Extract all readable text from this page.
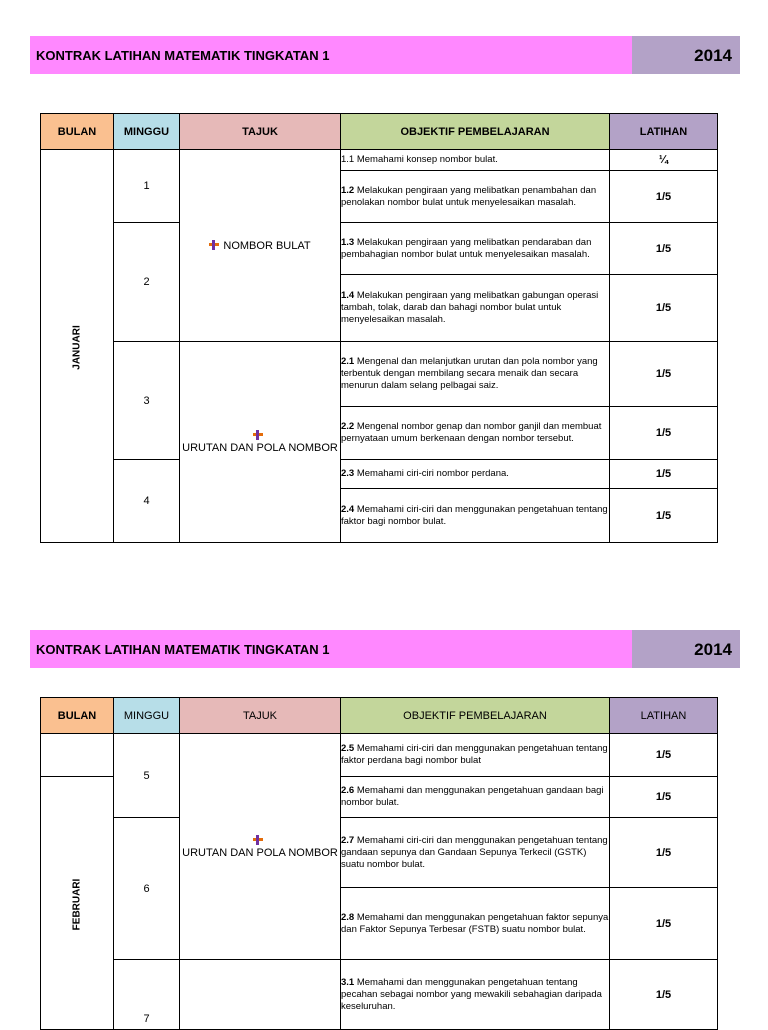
KONTRAK LATIHAN MATEMATIK TINGKATAN 1	2014
BULAN	MINGGU	TAJUK	OBJEKTIF PEMBELAJARAN	LATIHAN
JANUARI	1	NOMBOR BULAT	1.1 Memahami konsep nombor bulat.	¼
			1.2 Melakukan pengiraan yang melibatkan penambahan dan penolakan nombor bulat untuk menyelesaikan masalah.	1/5
	2		1.3 Melakukan pengiraan yang melibatkan pendaraban dan pembahagian nombor bulat untuk menyelesaikan masalah.	1/5
			1.4 Melakukan pengiraan yang melibatkan gabungan operasi tambah, tolak, darab dan bahagi nombor bulat untuk menyelesaikan masalah.	1/5
	3	URUTAN DAN POLA NOMBOR	2.1 Mengenal dan melanjutkan urutan dan pola nombor yang terbentuk dengan membilang secara menaik dan secara menurun dalam selang pelbagai saiz.	1/5
			2.2 Mengenal nombor genap dan nombor ganjil dan membuat pernyataan umum berkenaan dengan nombor tersebut.	1/5
	4		2.3 Memahami ciri-ciri nombor perdana.	1/5
			2.4 Memahami ciri-ciri dan menggunakan pengetahuan tentang faktor bagi nombor bulat.	1/5
KONTRAK LATIHAN MATEMATIK TINGKATAN 1	2014
BULAN	MINGGU	TAJUK	OBJEKTIF PEMBELAJARAN	LATIHAN
	5	URUTAN DAN POLA NOMBOR	2.5 Memahami ciri-ciri dan menggunakan pengetahuan tentang faktor perdana bagi nombor bulat	1/5
FEBRUARI			2.6 Memahami dan menggunakan pengetahuan gandaan bagi nombor bulat.	1/5
	6		2.7 Memahami ciri-ciri dan menggunakan pengetahuan tentang gandaan sepunya dan Gandaan Sepunya Terkecil (GSTK) suatu nombor bulat.	1/5
			2.8 Memahami dan menggunakan pengetahuan faktor sepunya dan Faktor Sepunya Terbesar (FSTB) suatu nombor bulat.	1/5
	7		3.1 Memahami dan menggunakan pengetahuan tentang pecahan sebagai nombor yang mewakili sebahagian daripada keseluruhan.	1/5
